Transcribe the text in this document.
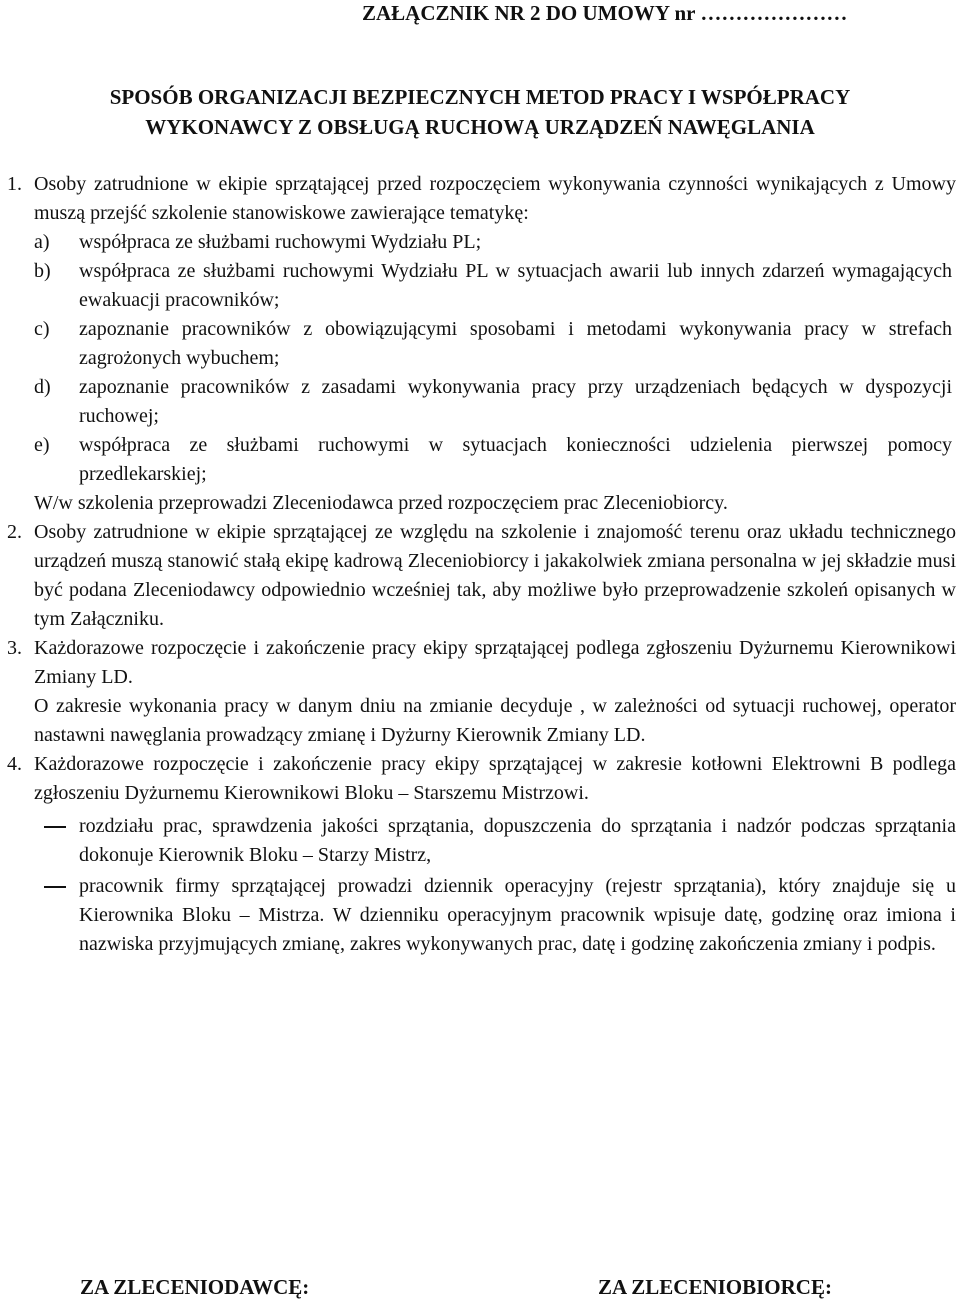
ZAŁĄCZNIK NR 2 DO UMOWY nr …………………
SPOSÓB ORGANIZACJI BEZPIECZNYCH METOD PRACY I WSPÓŁPRACY
WYKONAWCY Z OBSŁUGĄ RUCHOWĄ URZĄDZEŃ NAWĘGLANIA
1. Osoby zatrudnione w ekipie sprzątającej przed rozpoczęciem wykonywania czynności wynikających z Umowy muszą przejść szkolenie stanowiskowe zawierające tematykę:
a) współpraca ze służbami ruchowymi Wydziału PL;
b) współpraca ze służbami ruchowymi Wydziału PL w sytuacjach awarii lub innych zdarzeń wymagających ewakuacji pracowników;
c) zapoznanie pracowników z obowiązującymi sposobami i metodami wykonywania pracy w strefach zagrożonych wybuchem;
d) zapoznanie pracowników z zasadami wykonywania pracy przy urządzeniach będących w dyspozycji ruchowej;
e) współpraca ze służbami ruchowymi w sytuacjach konieczności udzielenia pierwszej pomocy przedlekarskiej;
W/w szkolenia przeprowadzi Zleceniodawca przed rozpoczęciem prac Zleceniobiorcy.
2. Osoby zatrudnione w ekipie sprzątającej ze względu na szkolenie i znajomość terenu oraz układu technicznego urządzeń muszą stanowić stałą ekipę kadrową Zleceniobiorcy i jakakolwiek zmiana personalna w jej składzie musi być podana Zleceniodawcy odpowiednio wcześniej tak, aby możliwe było przeprowadzenie szkoleń opisanych w tym Załączniku.
3. Każdorazowe rozpoczęcie i zakończenie pracy ekipy sprzątającej podlega zgłoszeniu Dyżurnemu Kierownikowi Zmiany LD.
O zakresie wykonania pracy w danym dniu na zmianie decyduje , w zależności od sytuacji ruchowej, operator nastawni nawęglania prowadzący zmianę i Dyżurny Kierownik Zmiany LD.
4. Każdorazowe rozpoczęcie i zakończenie pracy ekipy sprzątającej w zakresie kotłowni Elektrowni B podlega zgłoszeniu Dyżurnemu Kierownikowi Bloku – Starszemu Mistrzowi.
rozdziału prac, sprawdzenia jakości sprzątania, dopuszczenia do sprzątania i nadzór podczas sprzątania dokonuje Kierownik Bloku – Starzy Mistrz,
pracownik firmy sprzątającej prowadzi dziennik operacyjny (rejestr sprzątania), który znajduje się u Kierownika Bloku – Mistrza. W dzienniku operacyjnym pracownik wpisuje datę, godzinę oraz imiona i nazwiska przyjmujących zmianę, zakres wykonywanych prac, datę i godzinę zakończenia zmiany i podpis.
ZA ZLECENIODAWCĘ:	ZA ZLECENIOBIORCĘ:
